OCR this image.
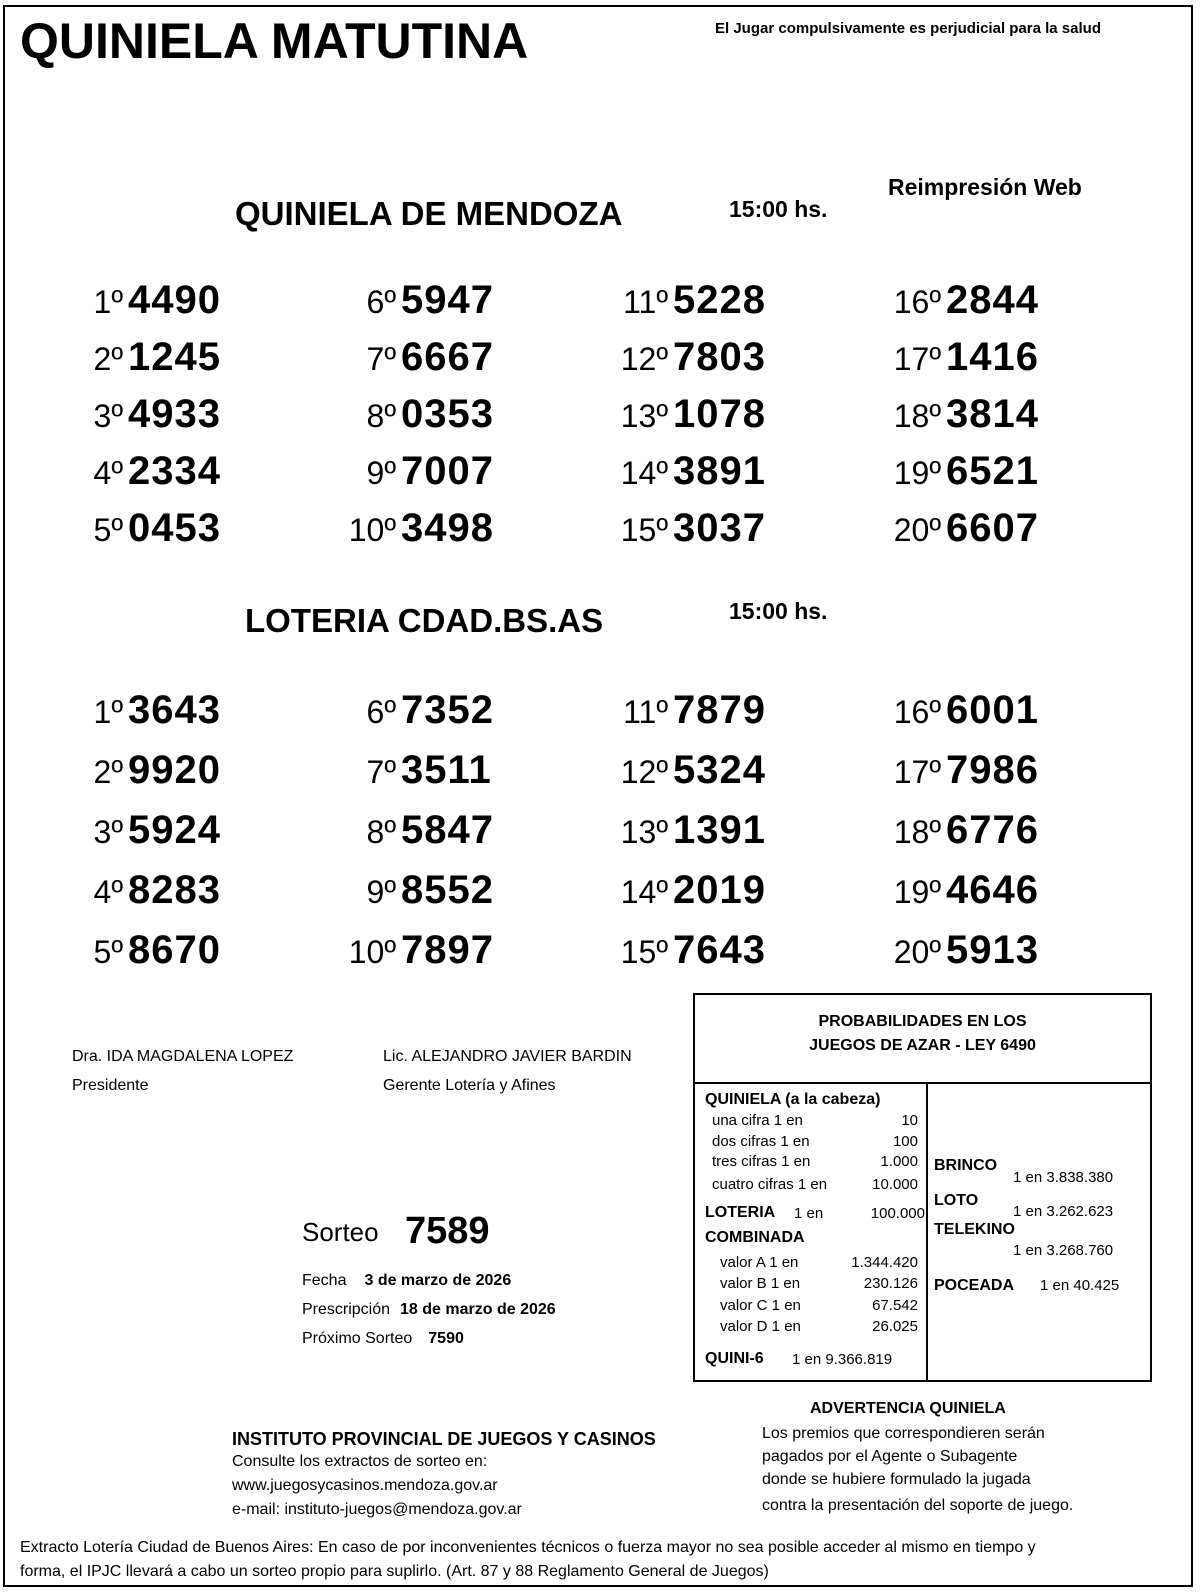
QUINIELA MATUTINA	El Jugar compulsivamente es perjudicial para la salud
Reimpresión Web
QUINIELA DE MENDOZA	15:00 hs.
1º 4490
2º 1245
3º 4933
4º 2334
5º 0453
6º 5947
7º 6667
8º 0353
9º 7007
10º 3498
11º 5228
12º 7803
13º 1078
14º 3891
15º 3037
16º 2844
17º 1416
18º 3814
19º 6521
20º 6607
LOTERIA CDAD.BS.AS	15:00 hs.
1º 3643
2º 9920
3º 5924
4º 8283
5º 8670
6º 7352
7º 3511
8º 5847
9º 8552
10º 7897
11º 7879
12º 5324
13º 1391
14º 2019
15º 7643
16º 6001
17º 7986
18º 6776
19º 4646
20º 5913
Dra. IDA MAGDALENA LOPEZ
Presidente
Lic. ALEJANDRO JAVIER BARDIN
Gerente Lotería y Afines
Sorteo 7589
Fecha 3 de marzo de 2026
Prescripción 18 de marzo de 2026
Próximo Sorteo 7590
PROBABILIDADES EN LOS
JUEGOS DE AZAR - LEY 6490
QUINIELA (a la cabeza)
una cifra 1 en	10
dos cifras 1 en	100
tres cifras 1 en	1.000
cuatro cifras 1 en	10.000
LOTERIA 1 en	100.000
COMBINADA
valor A 1 en	1.344.420
valor B 1 en	230.126
valor C 1 en	67.542
valor D 1 en	26.025
QUINI-6 1 en 9.366.819
BRINCO
1 en 3.838.380
LOTO
1 en 3.262.623
TELEKINO
1 en 3.268.760
POCEADA 1 en 40.425
INSTITUTO PROVINCIAL DE JUEGOS Y CASINOS
Consulte los extractos de sorteo en:
www.juegosycasinos.mendoza.gov.ar
e-mail: instituto-juegos@mendoza.gov.ar
ADVERTENCIA QUINIELA
Los premios que correspondieren serán
pagados por el Agente o Subagente
donde se hubiere formulado la jugada
contra la presentación del soporte de juego.
Extracto Lotería Ciudad de Buenos Aires: En caso de por inconvenientes técnicos o fuerza mayor no sea posible acceder al mismo en tiempo y
forma, el IPJC llevará a cabo un sorteo propio para suplirlo. (Art. 87 y 88 Reglamento General de Juegos)
